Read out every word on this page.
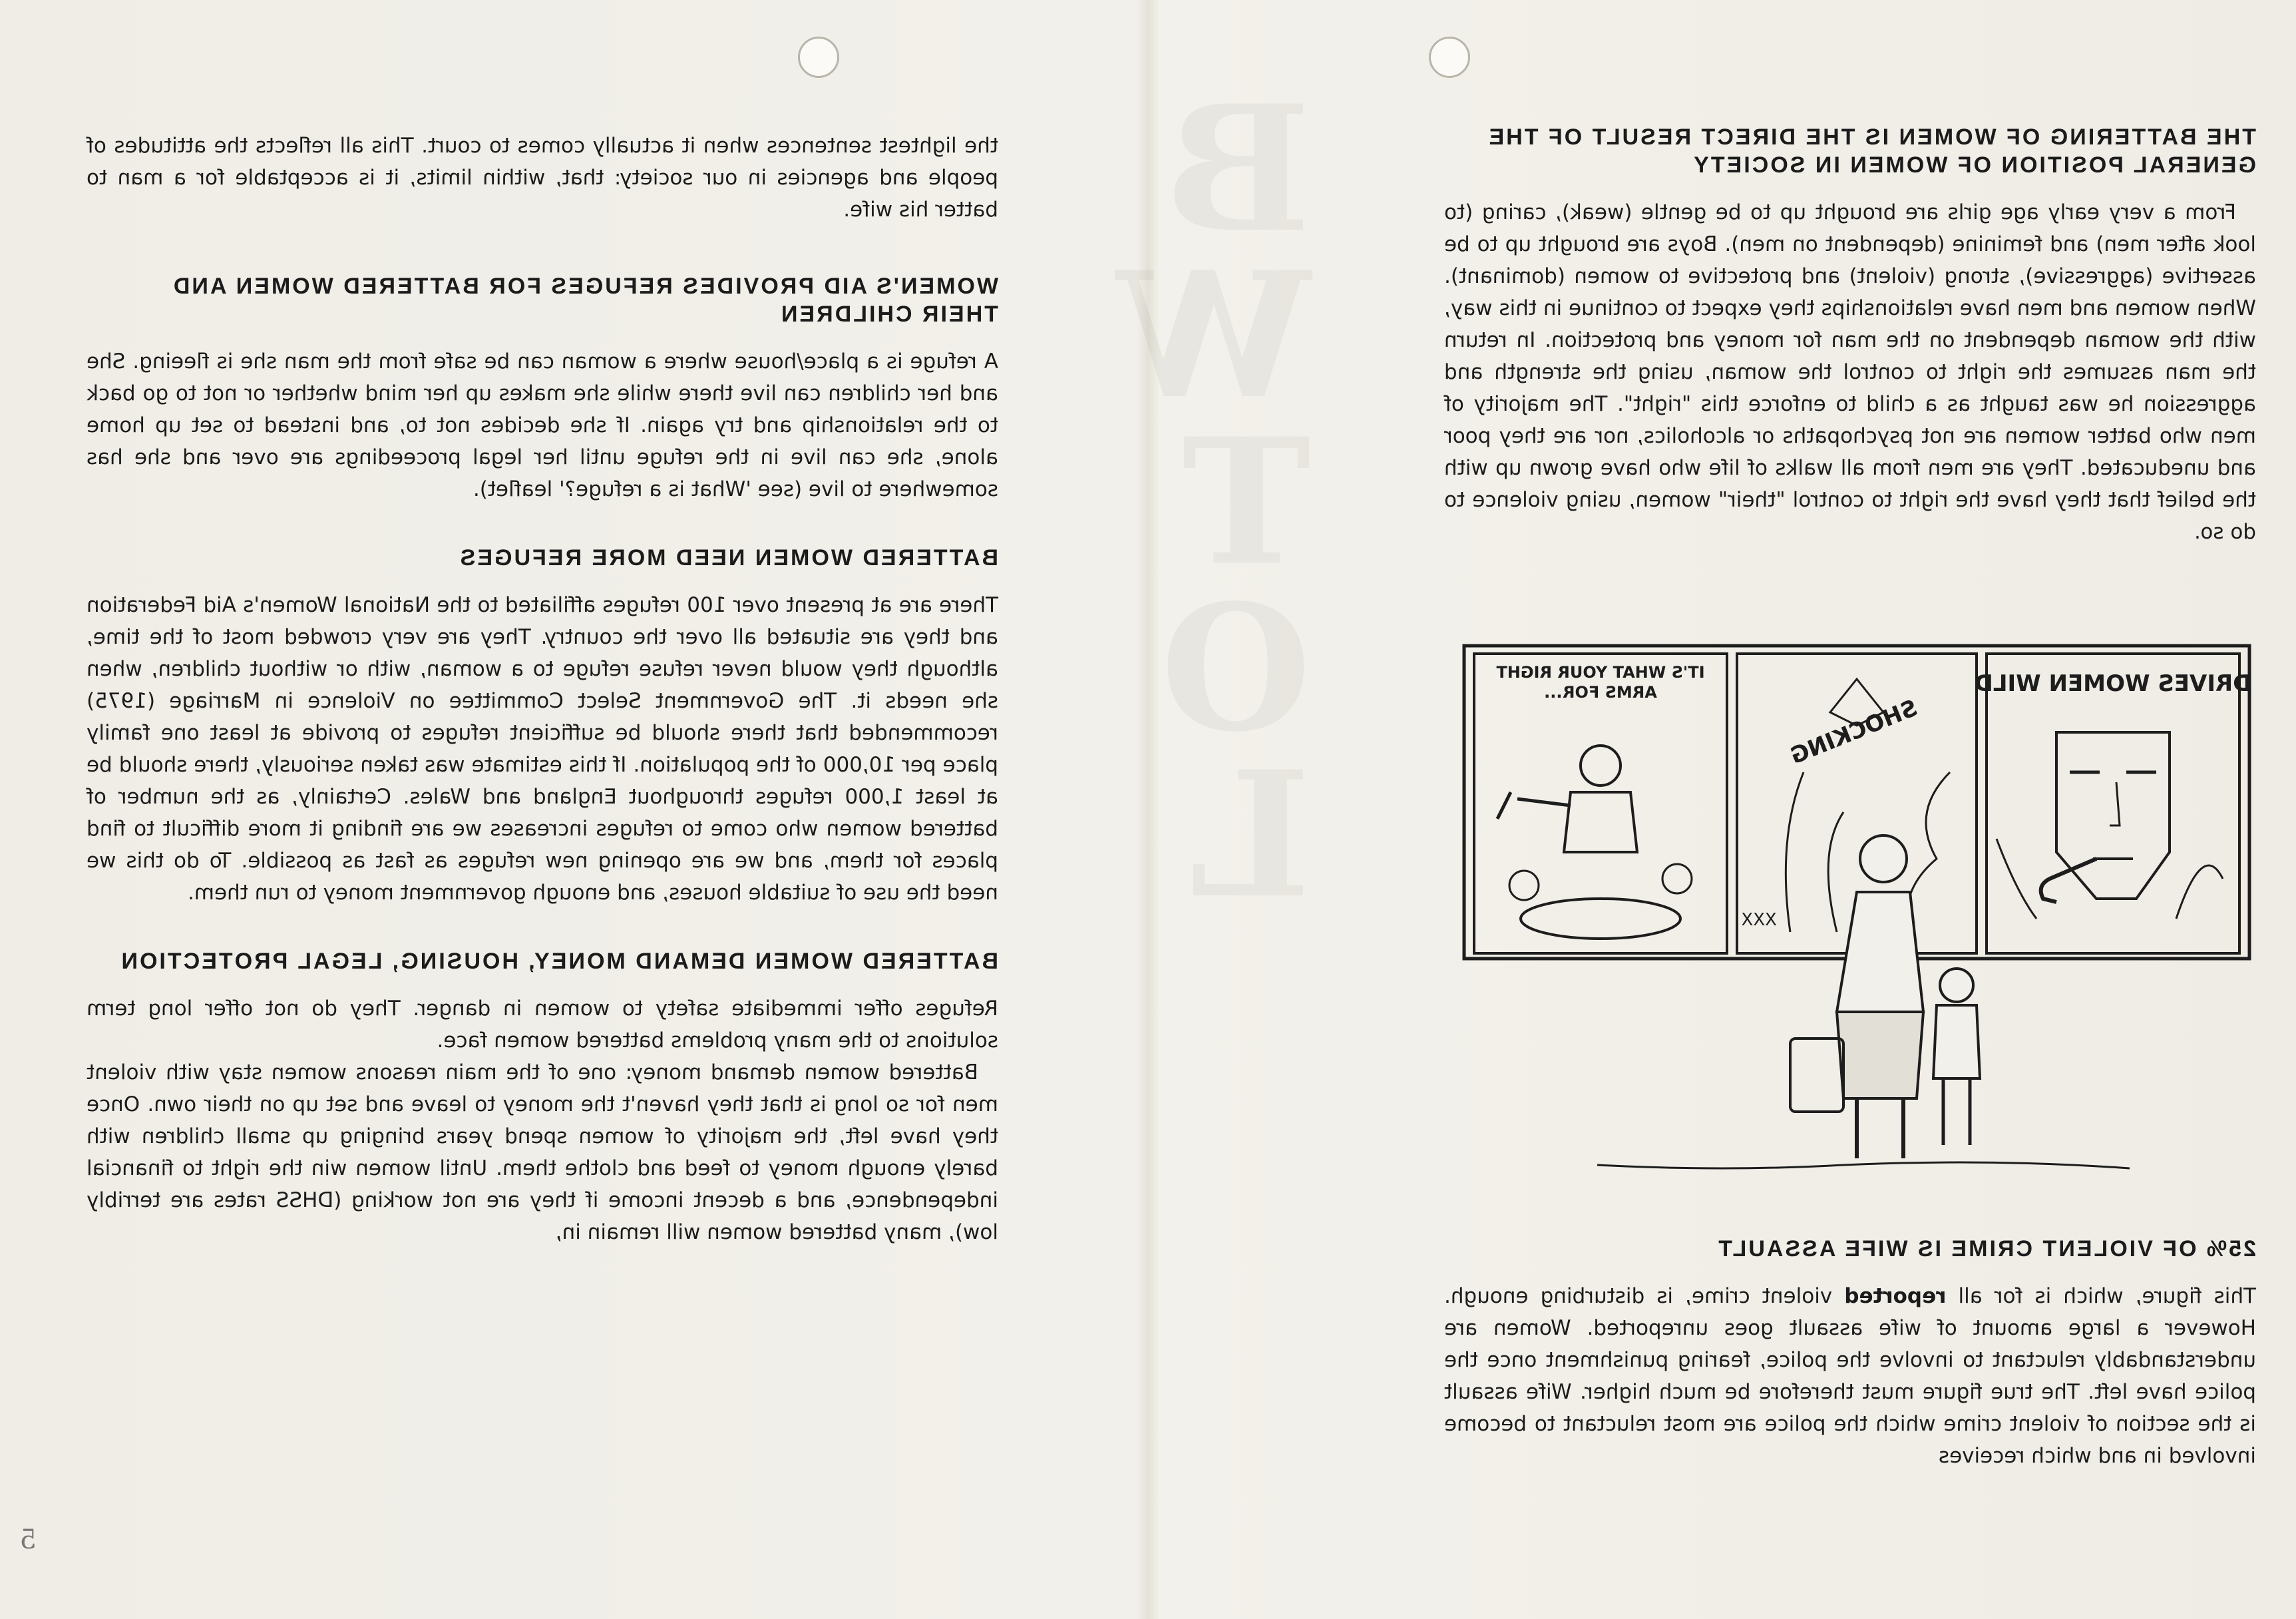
B
W
T
O
L
5
THE BATTERING OF WOMEN IS THE DIRECT RESULT OF THE GENERAL POSITION OF WOMEN IN SOCIETY
From a very early age girls are brought up to be gentle (weak), caring (to look after men) and feminine (dependent on men). Boys are brought up to be assertive (aggressive), strong (violent) and protective to women (dominant). When women and men have relationships they expect to continue in this way, with the woman dependent on the man for money and protection. In return the man assumes the right to control the woman, using the strength and aggression he was taught as a child to enforce this "right". The majority of men who batter women are not psychopaths or alcoholics, nor are they poor and uneducated. They are men from all walks of life who have grown up with the belief that they have the right to control "their" women, using violence to do so.
DRIVES WOMEN WILD
SHOCKING
XXX
IT'S WHAT YOUR RIGHT ARMS FOR...
25% OF VIOLENT CRIME IS WIFE ASSAULT
This figure, which is for all reported violent crime, is disturbing enough. However a large amount of wife assault goes unreported. Women are understandably reluctant to involve the police, fearing punishment once the police have left. The true figure must therefore be much higher. Wife assault is the section of violent crime which the police are most reluctant to become involved in and which receives
the lightest sentences when it actually comes to court. This all reflects the attitudes of people and agencies in our society: that, within limits, it is acceptable for a man to batter his wife.
WOMEN'S AID PROVIDES REFUGES FOR BATTERED WOMEN AND THEIR CHILDREN
A refuge is a place/house where a woman can be safe from the man she is fleeing. She and her children can live there while she makes up her mind whether or not to go back to the relationship and try again. If she decides not to, and instead to set up home alone, she can live in the refuge until her legal proceedings are over and she has somewhere to live (see 'What is a refuge?' leaflet).
BATTERED WOMEN NEED MORE REFUGES
There are at present over 100 refuges affiliated to the National Women's Aid Federation and they are situated all over the country. They are very crowded most of the time, although they would never refuse refuge to a woman, with or without children, when she needs it. The Government Select Committee on Violence in Marriage (1975) recommended that there should be sufficient refuges to provide at least one family place per 10,000 of the population. If this estimate was taken seriously, there should be at least 1,000 refuges throughout England and Wales. Certainly, as the number of battered women who come to refuges increases we are finding it more difficult to find places for them, and we are opening new refuges as fast as possible. To do this we need the use of suitable houses, and enough government money to run them.
BATTERED WOMEN DEMAND MONEY, HOUSING, LEGAL PROTECTION
Refuges offer immediate safety to women in danger. They do not offer long term solutions to the many problems battered women face.
Battered women demand money: one of the main reasons women stay with violent men for so long is that they haven't the money to leave and set up on their own. Once they have left, the majority of women spend years bringing up small children with barely enough money to feed and clothe them. Until women win the right to financial independence, and a decent income if they are not working (DHSS rates are terribly low), many battered women will remain in,
